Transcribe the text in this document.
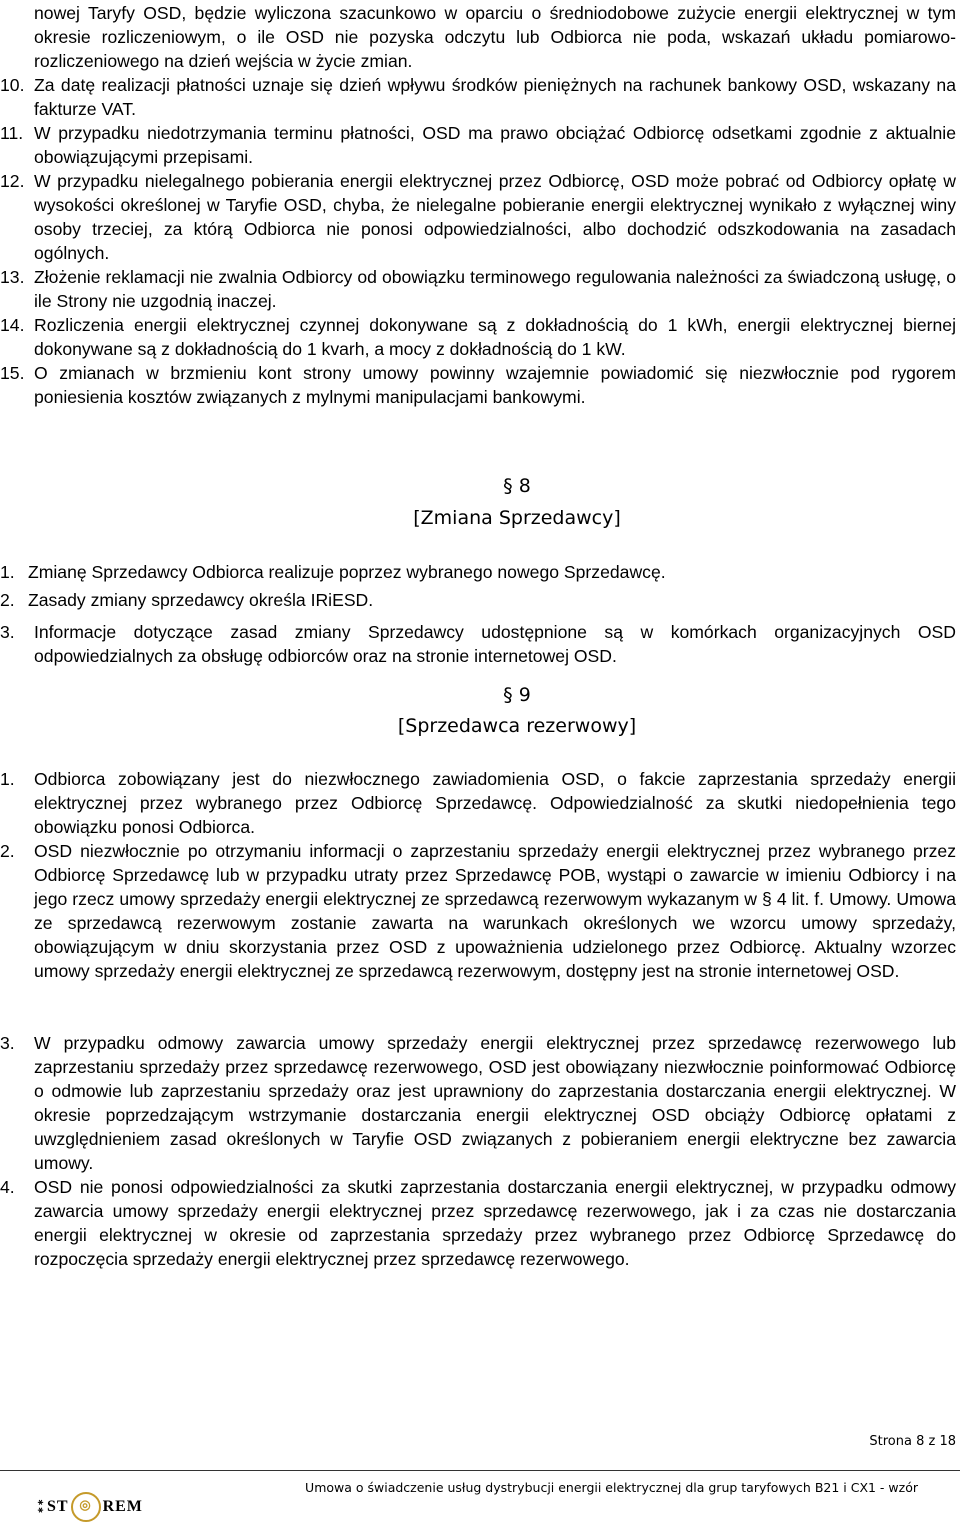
nowej Taryfy OSD, będzie wyliczona szacunkowo w oparciu o średniodobowe zużycie energii elektrycznej w tym okresie rozliczeniowym, o ile OSD nie pozyska odczytu lub Odbiorca nie poda, wskazań układu pomiarowo-rozliczeniowego na dzień wejścia w życie zmian.
10. Za datę realizacji płatności uznaje się dzień wpływu środków pieniężnych na rachunek bankowy OSD, wskazany na fakturze VAT.
11. W przypadku niedotrzymania terminu płatności, OSD ma prawo obciążać Odbiorcę odsetkami zgodnie z aktualnie obowiązującymi przepisami.
12. W przypadku nielegalnego pobierania energii elektrycznej przez Odbiorcę, OSD może pobrać od Odbiorcy opłatę w wysokości określonej w Taryfie OSD, chyba, że nielegalne pobieranie energii elektrycznej wynikało z wyłącznej winy osoby trzeciej, za którą Odbiorca nie ponosi odpowiedzialności, albo dochodzić odszkodowania na zasadach ogólnych.
13. Złożenie reklamacji nie zwalnia Odbiorcy od obowiązku terminowego regulowania należności za świadczoną usługę, o ile Strony nie uzgodnią inaczej.
14. Rozliczenia energii elektrycznej czynnej dokonywane są z dokładnością do 1 kWh, energii elektrycznej biernej dokonywane są z dokładnością do 1 kvarh, a mocy z dokładnością do 1 kW.
15. O zmianach w brzmieniu kont strony umowy powinny wzajemnie powiadomić się niezwłocznie pod rygorem poniesienia kosztów związanych z mylnymi manipulacjami bankowymi.
§ 8
[Zmiana Sprzedawcy]
1. Zmianę Sprzedawcy Odbiorca realizuje poprzez wybranego nowego Sprzedawcę.
2. Zasady zmiany sprzedawcy określa IRiESD.
3.	Informacje dotyczące zasad zmiany Sprzedawcy udostępnione są w komórkach organizacyjnych OSD odpowiedzialnych za obsługę odbiorców oraz na stronie internetowej OSD.
§ 9
[Sprzedawca rezerwowy]
1.	Odbiorca zobowiązany jest do niezwłocznego zawiadomienia OSD, o fakcie zaprzestania sprzedaży energii elektrycznej przez wybranego przez Odbiorcę Sprzedawcę. Odpowiedzialność za skutki niedopełnienia tego obowiązku ponosi Odbiorca.
2.	OSD niezwłocznie po otrzymaniu informacji o zaprzestaniu sprzedaży energii elektrycznej przez wybranego przez Odbiorcę Sprzedawcę lub w przypadku utraty przez Sprzedawcę POB, wystąpi o zawarcie w imieniu Odbiorcy i na jego rzecz umowy sprzedaży energii elektrycznej ze sprzedawcą rezerwowym wykazanym w § 4 lit. f. Umowy. Umowa ze sprzedawcą rezerwowym zostanie zawarta na warunkach określonych we wzorcu umowy sprzedaży, obowiązującym w dniu skorzystania przez OSD z upoważnienia udzielonego przez Odbiorcę. Aktualny wzorzec umowy sprzedaży energii elektrycznej ze sprzedawcą rezerwowym, dostępny jest na stronie internetowej OSD.
3.	W przypadku odmowy zawarcia umowy sprzedaży energii elektrycznej przez sprzedawcę rezerwowego lub zaprzestaniu sprzedaży przez sprzedawcę rezerwowego, OSD jest obowiązany niezwłocznie poinformować Odbiorcę o odmowie lub zaprzestaniu sprzedaży oraz jest uprawniony do zaprzestania dostarczania energii elektrycznej. W okresie poprzedzającym wstrzymanie dostarczania energii elektrycznej OSD obciąży Odbiorcę opłatami z uwzględnieniem zasad określonych w Taryfie OSD związanych z pobieraniem energii elektryczne bez zawarcia umowy.
4.	OSD nie ponosi odpowiedzialności za skutki zaprzestania dostarczania energii elektrycznej, w przypadku odmowy zawarcia umowy sprzedaży energii elektrycznej przez sprzedawcę rezerwowego, jak i za czas nie dostarczania energii elektrycznej w okresie od zaprzestania sprzedaży przez wybranego przez Odbiorcę Sprzedawcę do rozpoczęcia sprzedaży energii elektrycznej przez sprzedawcę rezerwowego.
Strona 8 z 18
Umowa o świadczenie usług dystrybucji energii elektrycznej dla grup taryfowych B21 i CX1 - wzór
∗∗ ST ◎ REM
